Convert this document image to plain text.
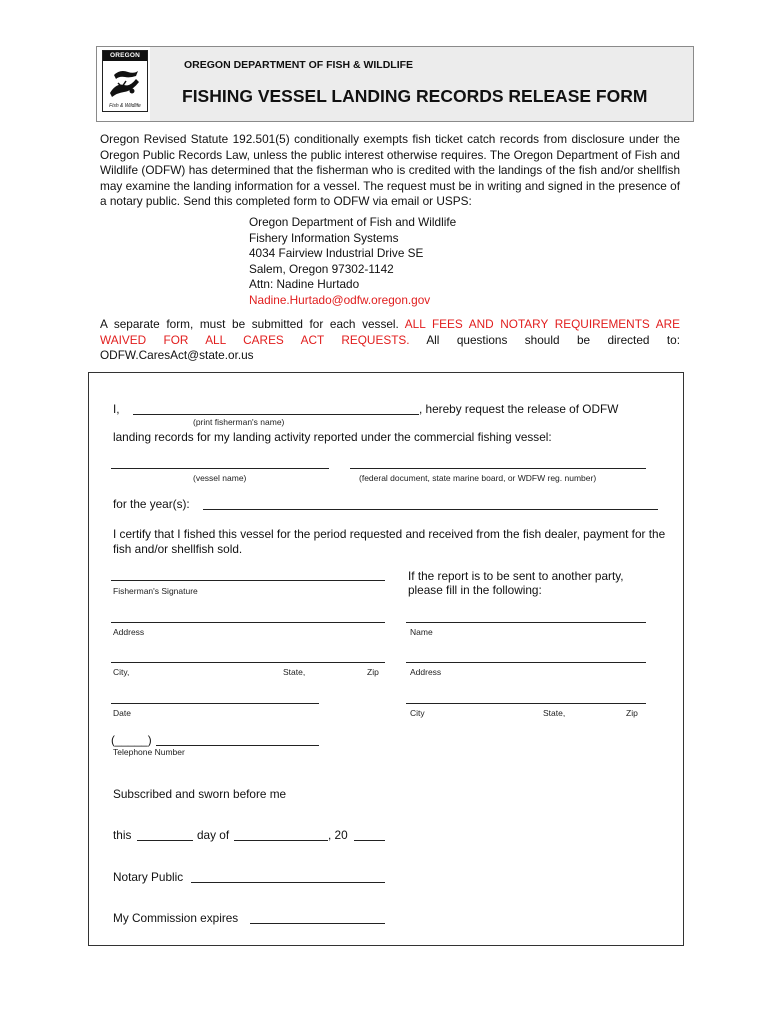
OREGON
Fish & Wildlife
OREGON DEPARTMENT OF FISH & WILDLIFE
FISHING VESSEL LANDING RECORDS RELEASE FORM
Oregon Revised Statute 192.501(5) conditionally exempts fish ticket catch records from disclosure under the Oregon Public Records Law, unless the public interest otherwise requires. The Oregon Department of Fish and Wildlife (ODFW) has determined that the fisherman who is credited with the landings of the fish and/or shellfish may examine the landing information for a vessel. The request must be in writing and signed in the presence of a notary public. Send this completed form to ODFW via email or USPS:
Oregon Department of Fish and Wildlife
Fishery Information Systems
4034 Fairview Industrial Drive SE
Salem, Oregon 97302-1142
Attn: Nadine Hurtado
Nadine.Hurtado@odfw.oregon.gov
A separate form, must be submitted for each vessel. ALL FEES AND NOTARY REQUIREMENTS ARE WAIVED FOR ALL CARES ACT REQUESTS. All questions should be directed to: ODFW.CaresAct@state.or.us
I,	, hereby request the release of ODFW
(print fisherman's name)
landing records for my landing activity reported under the commercial fishing vessel:
(vessel name)	(federal document, state marine board, or WDFW reg. number)
for the year(s):
I certify that I fished this vessel for the period requested and received from the fish dealer, payment for the fish and/or shellfish sold.
Fisherman's Signature
If the report is to be sent to another party, please fill in the following:
Address	Name
City,	State,	Zip	Address
Date	City	State,	Zip
(_____)
Telephone Number
Subscribed and sworn before me
this	day of	, 20
Notary Public
My Commission expires
